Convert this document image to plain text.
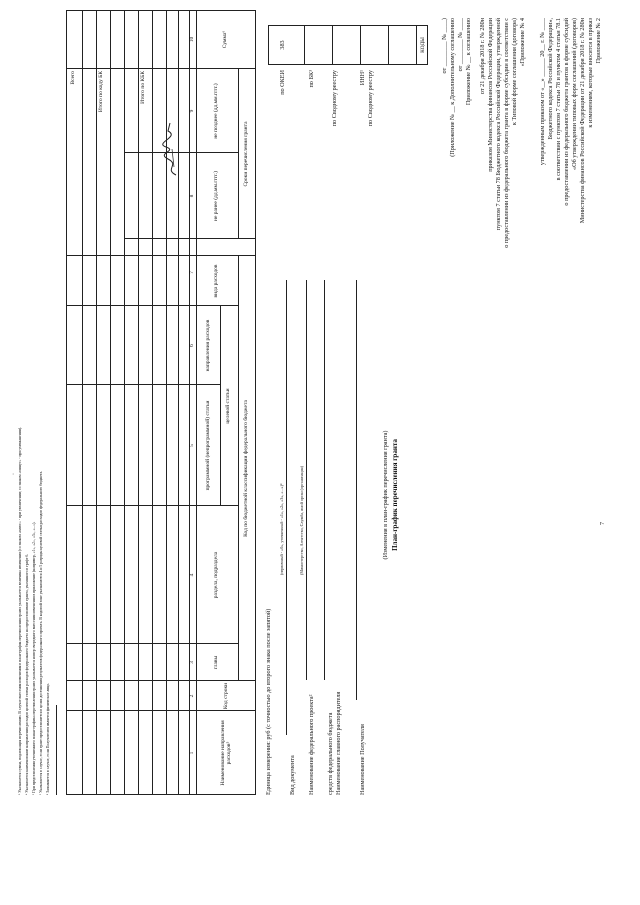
7
Приложение № 2
к изменениям, которые вносятся в приказ
Министерства финансов Российской Федерации от 21 декабря 2018 г. № 280н
«Об утверждении типовых форм соглашений (договоров)
о предоставлении из федерального бюджета грантов в форме субсидий
в соответствии с пунктом 7 статьи 78 и пунктом 4 статьи 78.1
Бюджетного кодекса Российской Федерации»,
утвержденным приказом от «__» ______ 20__ г. № ____
«Приложение № 4
к Типовой форме соглашения (договора)
о предоставлении из федерального бюджета гранта в форме субсидии в соответствии с
пунктом 7 статьи 78 Бюджетного кодекса Российской Федерации, утвержденной
приказом Министерства финансов Российской Федерации
от 21 декабря 2018 г. № 280н
Приложение № __ к соглашению
от ________ № ____
(Приложение № __ к Дополнительному соглашению
от ________ № ____)
План-график перечисления гранта
(Изменения в план-график перечисления гранта)
КОДЫ
383
Наименование Получателя
по Сводному реестру
ИНН¹
Наименование главного распорядителя
средств федерального бюджета
по Сводному реестру
Наименование федерального проекта²
(Министерство, Агентство, Служба, иной орган (организация)
по БК³
Вид документа
(первичный - «0», уточненный - «1», «2», «3», «...»)⁴
Единица измерения: руб (с точностью до второго знака после запятой)
по ОКЕИ
Наименование направления расходов⁵
Код строки
Код по бюджетной классификации федерального бюджета
главы
раздела, подраздела
целевой статьи
программной (непрограммной) статьи
направления расходов
вида расходов
Сроки перечисления гранта
не ранее (дд.мм.гггг.)
не позднее (дд.мм.гггг.)
Сумма⁶
1
2
3
4
5
6
7
8
9
10
Итого по КБК
Итого по коду БК
Всего
¹ Заполняется в случае, если Получателем является физическое лицо.
² Указывается в случае, если грант предоставляется в целях достижения результатов федерального проекта. В кодовой зоне указываются 4 и 5 разряды целевой статьи расходов федерального бюджета.
³ При представлении уточненного плана-графика перечисления гранта указывается номер очередного внесения изменения в приложение (например, «1», «2», «3», «...»).
⁴ Указывается наименование направления расходов целевой статьи расходов федерального бюджета на предоставление гранта, указанного в графе 6.
⁵ Указывается сумма, подлежащая перечислению. В случае внесения изменения в план-график перечисления гранта указывается величина изменения (со знаком «плюс» - при увеличении; со знаком «минус» - при уменьшении).
·
